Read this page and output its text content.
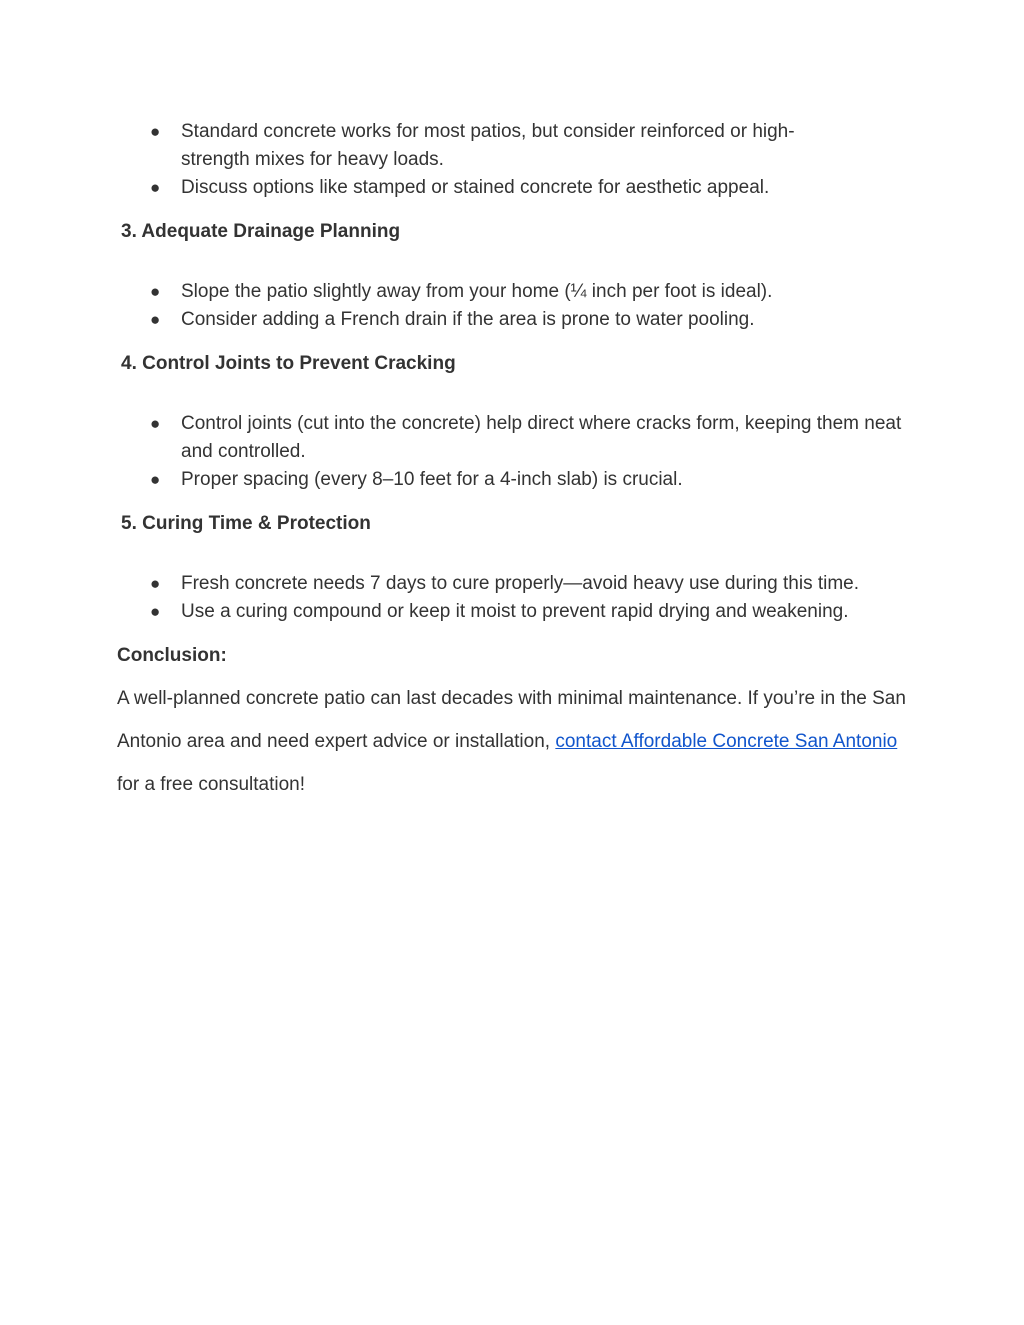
● Standard concrete works for most patios, but consider reinforced or high-strength mixes for heavy loads.
● Discuss options like stamped or stained concrete for aesthetic appeal.
3. Adequate Drainage Planning
● Slope the patio slightly away from your home (¼ inch per foot is ideal).
● Consider adding a French drain if the area is prone to water pooling.
4. Control Joints to Prevent Cracking
● Control joints (cut into the concrete) help direct where cracks form, keeping them neat and controlled.
● Proper spacing (every 8–10 feet for a 4-inch slab) is crucial.
5. Curing Time & Protection
● Fresh concrete needs 7 days to cure properly—avoid heavy use during this time.
● Use a curing compound or keep it moist to prevent rapid drying and weakening.
Conclusion:

A well-planned concrete patio can last decades with minimal maintenance. If you’re in the San Antonio area and need expert advice or installation, contact Affordable Concrete San Antonio for a free consultation!
